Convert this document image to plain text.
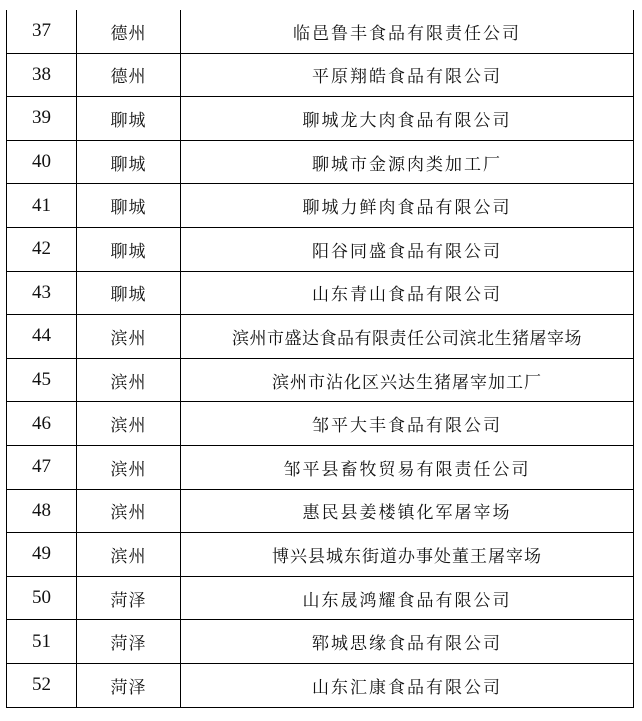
37	德州	临邑鲁丰食品有限责任公司
38	德州	平原翔皓食品有限公司
39	聊城	聊城龙大肉食品有限公司
40	聊城	聊城市金源肉类加工厂
41	聊城	聊城力鲜肉食品有限公司
42	聊城	阳谷同盛食品有限公司
43	聊城	山东青山食品有限公司
44	滨州	滨州市盛达食品有限责任公司滨北生猪屠宰场
45	滨州	滨州市沾化区兴达生猪屠宰加工厂
46	滨州	邹平大丰食品有限公司
47	滨州	邹平县畜牧贸易有限责任公司
48	滨州	惠民县姜楼镇化军屠宰场
49	滨州	博兴县城东街道办事处董王屠宰场
50	菏泽	山东晟鸿耀食品有限公司
51	菏泽	郓城思缘食品有限公司
52	菏泽	山东汇康食品有限公司
